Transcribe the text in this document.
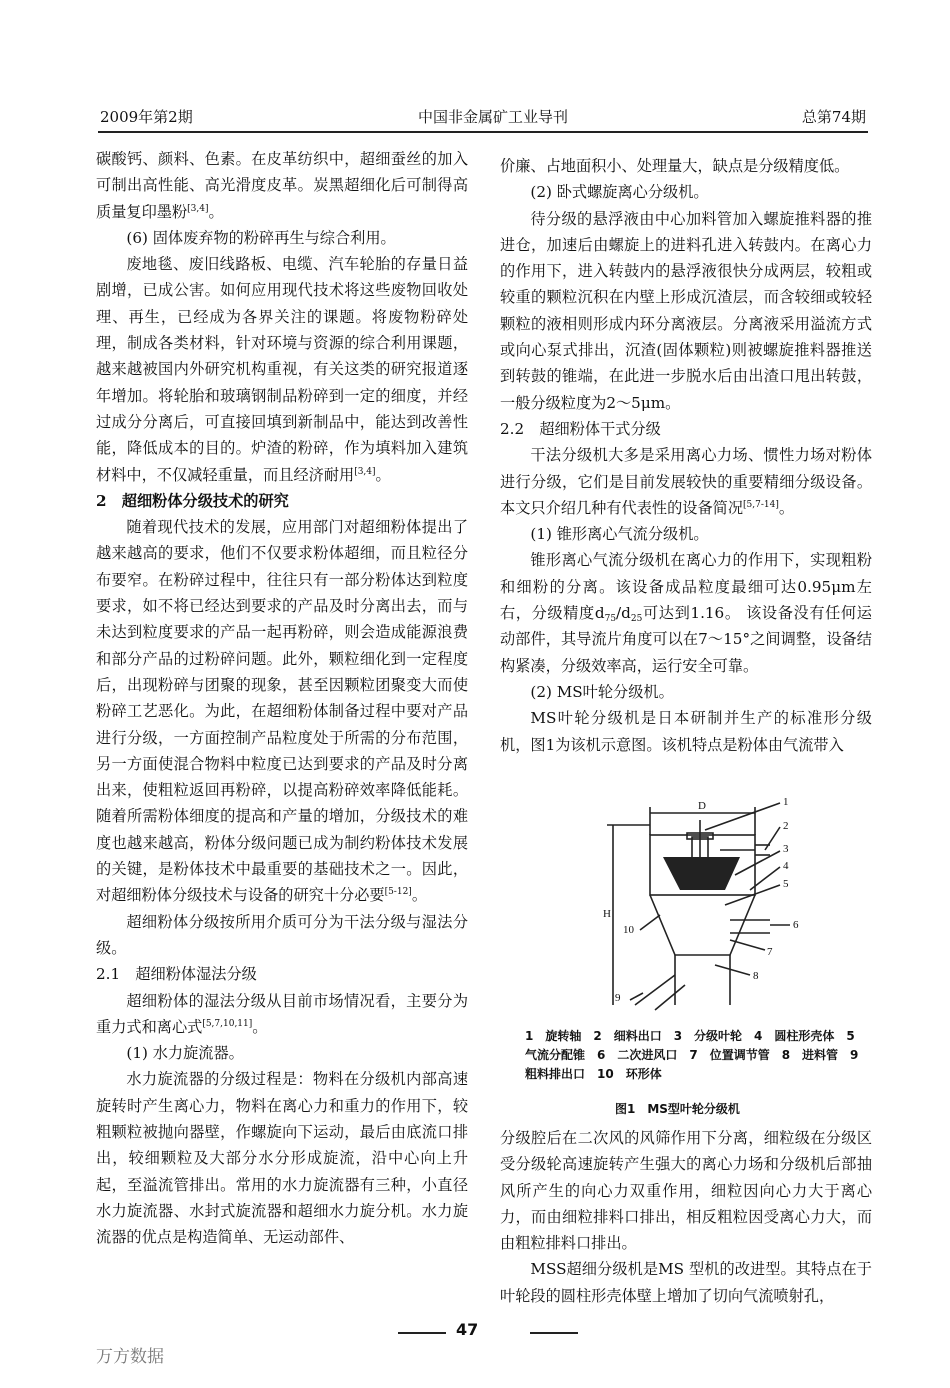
2009年第2期	中国非金属矿工业导刊	总第74期

碳酸钙、颜料、色素。在皮革纺织中，超细蚕丝的加入可制出高性能、高光滑度皮革。炭黑超细化后可制得高质量复印墨粉[3,4]。

(6) 固体废弃物的粉碎再生与综合利用。

废地毯、废旧线路板、电缆、汽车轮胎的存量日益剧增，已成公害。如何应用现代技术将这些废物回收处理、再生，已经成为各界关注的课题。将废物粉碎处理，制成各类材料，针对环境与资源的综合利用课题，越来越被国内外研究机构重视，有关这类的研究报道逐年增加。将轮胎和玻璃钢制品粉碎到一定的细度，并经过成分分离后，可直接回填到新制品中，能达到改善性能，降低成本的目的。炉渣的粉碎，作为填料加入建筑材料中，不仅减轻重量，而且经济耐用[3,4]。

2　超细粉体分级技术的研究

随着现代技术的发展，应用部门对超细粉体提出了越来越高的要求，他们不仅要求粉体超细，而且粒径分布要窄。在粉碎过程中，往往只有一部分粉体达到粒度要求，如不将已经达到要求的产品及时分离出去，而与未达到粒度要求的产品一起再粉碎，则会造成能源浪费和部分产品的过粉碎问题。此外，颗粒细化到一定程度后，出现粉碎与团聚的现象，甚至因颗粒团聚变大而使粉碎工艺恶化。为此，在超细粉体制备过程中要对产品进行分级，一方面控制产品粒度处于所需的分布范围，另一方面使混合物料中粒度已达到要求的产品及时分离出来，使粗粒返回再粉碎，以提高粉碎效率降低能耗。随着所需粉体细度的提高和产量的增加，分级技术的难度也越来越高，粉体分级问题已成为制约粉体技术发展的关键，是粉体技术中最重要的基础技术之一。因此，对超细粉体分级技术与设备的研究十分必要[5-12]。

超细粉体分级按所用介质可分为干法分级与湿法分级。

2.1　超细粉体湿法分级

超细粉体的湿法分级从目前市场情况看，主要分为重力式和离心式[5,7,10,11]。

(1) 水力旋流器。

水力旋流器的分级过程是：物料在分级机内部高速旋转时产生离心力，物料在离心力和重力的作用下，较粗颗粒被抛向器壁，作螺旋向下运动，最后由底流口排出，较细颗粒及大部分水分形成旋流，沿中心向上升起，至溢流管排出。常用的水力旋流器有三种，小直径水力旋流器、水封式旋流器和超细水力旋分机。水力旋流器的优点是构造简单、无运动部件、

价廉、占地面积小、处理量大，缺点是分级精度低。

(2) 卧式螺旋离心分级机。

待分级的悬浮液由中心加料管加入螺旋推料器的推进仓，加速后由螺旋上的进料孔进入转鼓内。在离心力的作用下，进入转鼓内的悬浮液很快分成两层，较粗或较重的颗粒沉积在内壁上形成沉渣层，而含较细或较轻颗粒的液相则形成内环分离液层。分离液采用溢流方式或向心泵式排出，沉渣(固体颗粒)则被螺旋推料器推送到转鼓的锥端，在此进一步脱水后由出渣口甩出转鼓，一般分级粒度为2～5μm。

2.2　超细粉体干式分级

干法分级机大多是采用离心力场、惯性力场对粉体进行分级，它们是目前发展较快的重要精细分级设备。本文只介绍几种有代表性的设备简况[5,7-14]。

(1) 锥形离心气流分级机。

锥形离心气流分级机在离心力的作用下，实现粗粉和细粉的分离。该设备成品粒度最细可达0.95μm左右，分级精度$d_{75}/d_{25}$可达到1.16。 该设备没有任何运动部件，其导流片角度可以在7～15°之间调整，设备结构紧凑，分级效率高，运行安全可靠。

(2) MS叶轮分级机。

MS叶轮分级机是日本研制并生产的标准形分级机，图1为该机示意图。该机特点是粉体由气流带入

D
H
1
2
3
4
5
6
7
8
9
10
1　旋转轴　2　细料出口　3　分级叶轮　4　圆柱形壳体　5　气流分配锥　6　二次进风口　7　位置调节管　8　进料管　9　粗料排出口　10　环形体
图1　MS型叶轮分级机

分级腔后在二次风的风筛作用下分离，细粒级在分级区受分级轮高速旋转产生强大的离心力场和分级机后部抽风所产生的向心力双重作用，细粒因向心力大于离心力，而由细粒排料口排出，相反粗粒因受离心力大，而由粗粒排料口排出。

MSS超细分级机是MS 型机的改进型。其特点在于叶轮段的圆柱形壳体壁上增加了切向气流喷射孔，

47
万方数据
